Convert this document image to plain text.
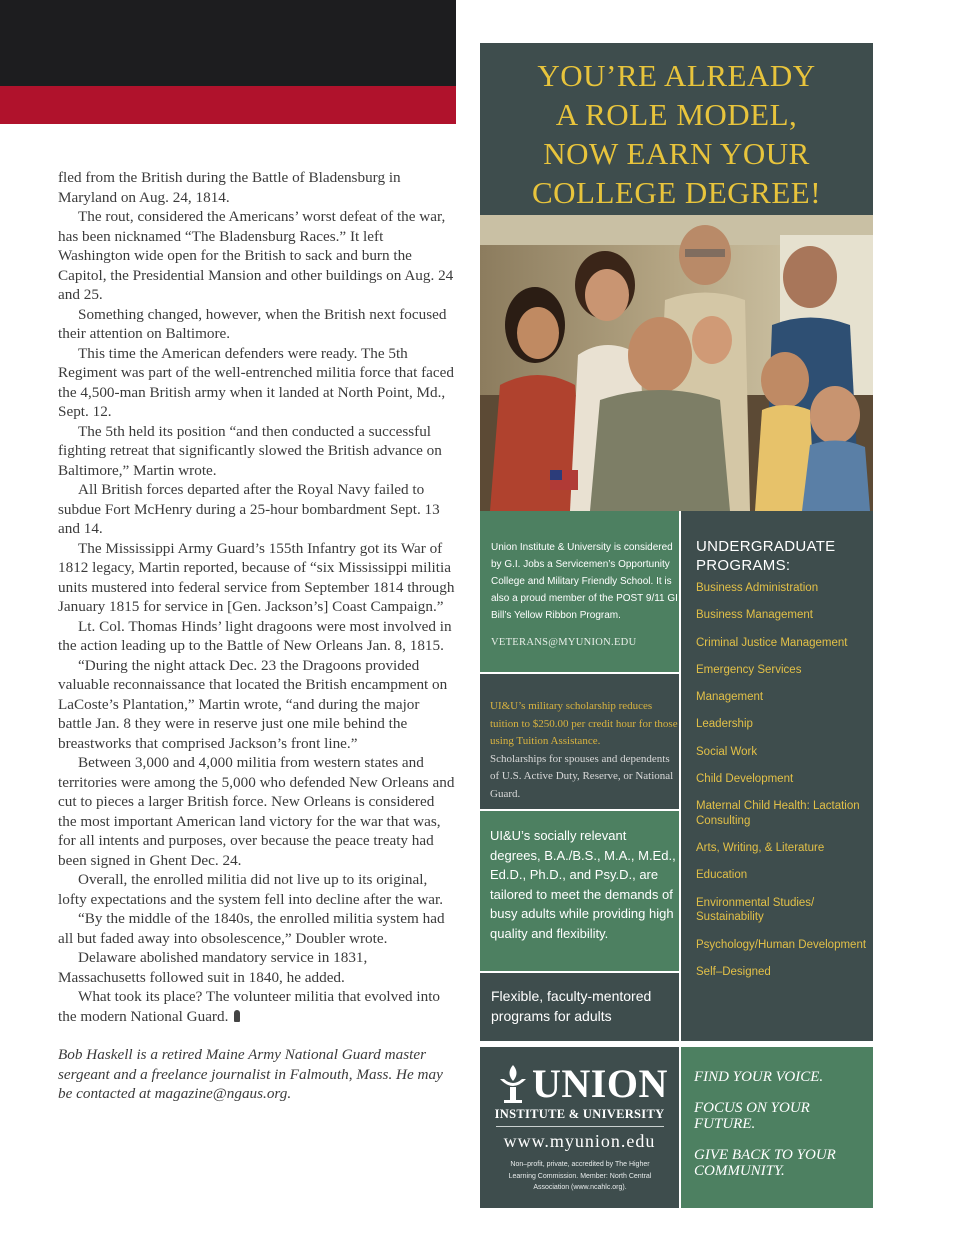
fled from the British during the Battle of Bladensburg in Maryland on Aug. 24, 1814.

The rout, considered the Americans’ worst defeat of the war, has been nicknamed “The Bladensburg Races.” It left Washington wide open for the British to sack and burn the Capitol, the Presidential Mansion and other buildings on Aug. 24 and 25.

Something changed, however, when the British next focused their attention on Baltimore.

This time the American defenders were ready. The 5th Regiment was part of the well-entrenched militia force that faced the 4,500-man British army when it landed at North Point, Md., Sept. 12.

The 5th held its position “and then conducted a successful fighting retreat that significantly slowed the British advance on Baltimore,” Martin wrote.

All British forces departed after the Royal Navy failed to subdue Fort McHenry during a 25-hour bombardment Sept. 13 and 14.

The Mississippi Army Guard’s 155th Infantry got its War of 1812 legacy, Martin reported, because of “six Mississippi militia units mustered into federal service from September 1814 through January 1815 for service in [Gen. Jackson’s] Coast Campaign.”

Lt. Col. Thomas Hinds’ light dragoons were most involved in the action leading up to the Battle of New Orleans Jan. 8, 1815.

“During the night attack Dec. 23 the Dragoons provided valuable reconnaissance that located the British encampment on LaCoste’s Plantation,” Martin wrote, “and during the major battle Jan. 8 they were in reserve just one mile behind the breastworks that comprised Jackson’s front line.”

Between 3,000 and 4,000 militia from western states and territories were among the 5,000 who defended New Orleans and cut to pieces a larger British force. New Orleans is considered the most important American land victory for the war that was, for all intents and purposes, over because the peace treaty had been signed in Ghent Dec. 24.

Overall, the enrolled militia did not live up to its original, lofty expectations and the system fell into decline after the war.

“By the middle of the 1840s, the enrolled militia system had all but faded away into obsolescence,” Doubler wrote.

Delaware abolished mandatory service in 1831, Massachusetts followed suit in 1840, he added.

What took its place? The volunteer militia that evolved into the modern National Guard.

Bob Haskell is a retired Maine Army National Guard master sergeant and a freelance journalist in Falmouth, Mass. He may be contacted at magazine@ngaus.org.

YOU’RE ALREADY
A ROLE MODEL,
NOW EARN YOUR
COLLEGE DEGREE!
Union Institute & University is considered by G.I. Jobs a Servicemen’s Opportunity College and Military Friendly School. It is also a proud member of the POST 9/11 GI Bill’s Yellow Ribbon Program.
VETERANS@MYUNION.EDU
UI&U’s military scholarship reduces tuition to $250.00 per credit hour for those using Tuition Assistance.
Scholarships for spouses and dependents of U.S. Active Duty, Reserve, or National Guard.
UI&U’s socially relevant degrees, B.A./B.S., M.A., M.Ed., Ed.D., Ph.D., and Psy.D., are tailored to meet the demands of busy adults while providing high quality and flexibility.
Flexible, faculty-mentored programs for adults
UNDERGRADUATE PROGRAMS:
Business Administration
Business Management
Criminal Justice Management
Emergency Services
Management
Leadership
Social Work
Child Development
Maternal Child Health: Lactation Consulting
Arts, Writing, & Literature
Education
Environmental Studies/ Sustainability
Psychology/Human Development
Self–Designed
UNION
INSTITUTE & UNIVERSITY
www.myunion.edu
Non–profit, private, accredited by The Higher Learning Commission. Member: North Central Association (www.ncahlc.org).
FIND YOUR VOICE.
FOCUS ON YOUR FUTURE.
GIVE BACK TO YOUR COMMUNITY.
